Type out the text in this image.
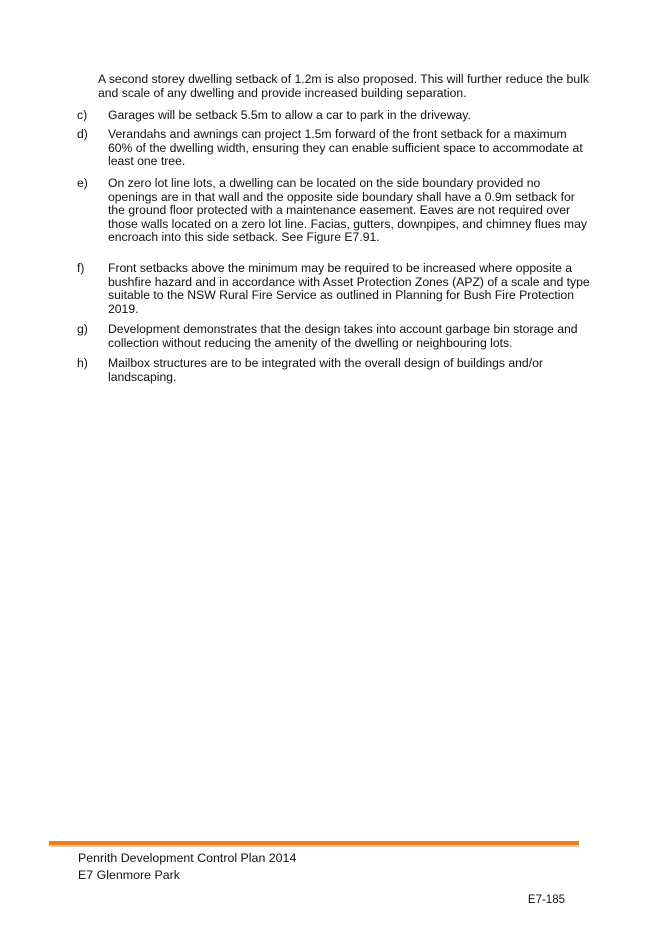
A second storey dwelling setback of 1.2m is also proposed. This will further reduce the bulk and scale of any dwelling and provide increased building separation.
c)	Garages will be setback 5.5m to allow a car to park in the driveway.
d)	Verandahs and awnings can project 1.5m forward of the front setback for a maximum 60% of the dwelling width, ensuring they can enable sufficient space to accommodate at least one tree.
e)	On zero lot line lots, a dwelling can be located on the side boundary provided no openings are in that wall and the opposite side boundary shall have a 0.9m setback for the ground floor protected with a maintenance easement. Eaves are not required over those walls located on a zero lot line. Facias, gutters, downpipes, and chimney flues may encroach into this side setback. See Figure E7.91.
f)	Front setbacks above the minimum may be required to be increased where opposite a bushfire hazard and in accordance with Asset Protection Zones (APZ) of a scale and type suitable to the NSW Rural Fire Service as outlined in Planning for Bush Fire Protection 2019.
g)	Development demonstrates that the design takes into account garbage bin storage and collection without reducing the amenity of the dwelling or neighbouring lots.
h)	Mailbox structures are to be integrated with the overall design of buildings and/or landscaping.
Penrith Development Control Plan 2014
E7 Glenmore Park
E7-185
